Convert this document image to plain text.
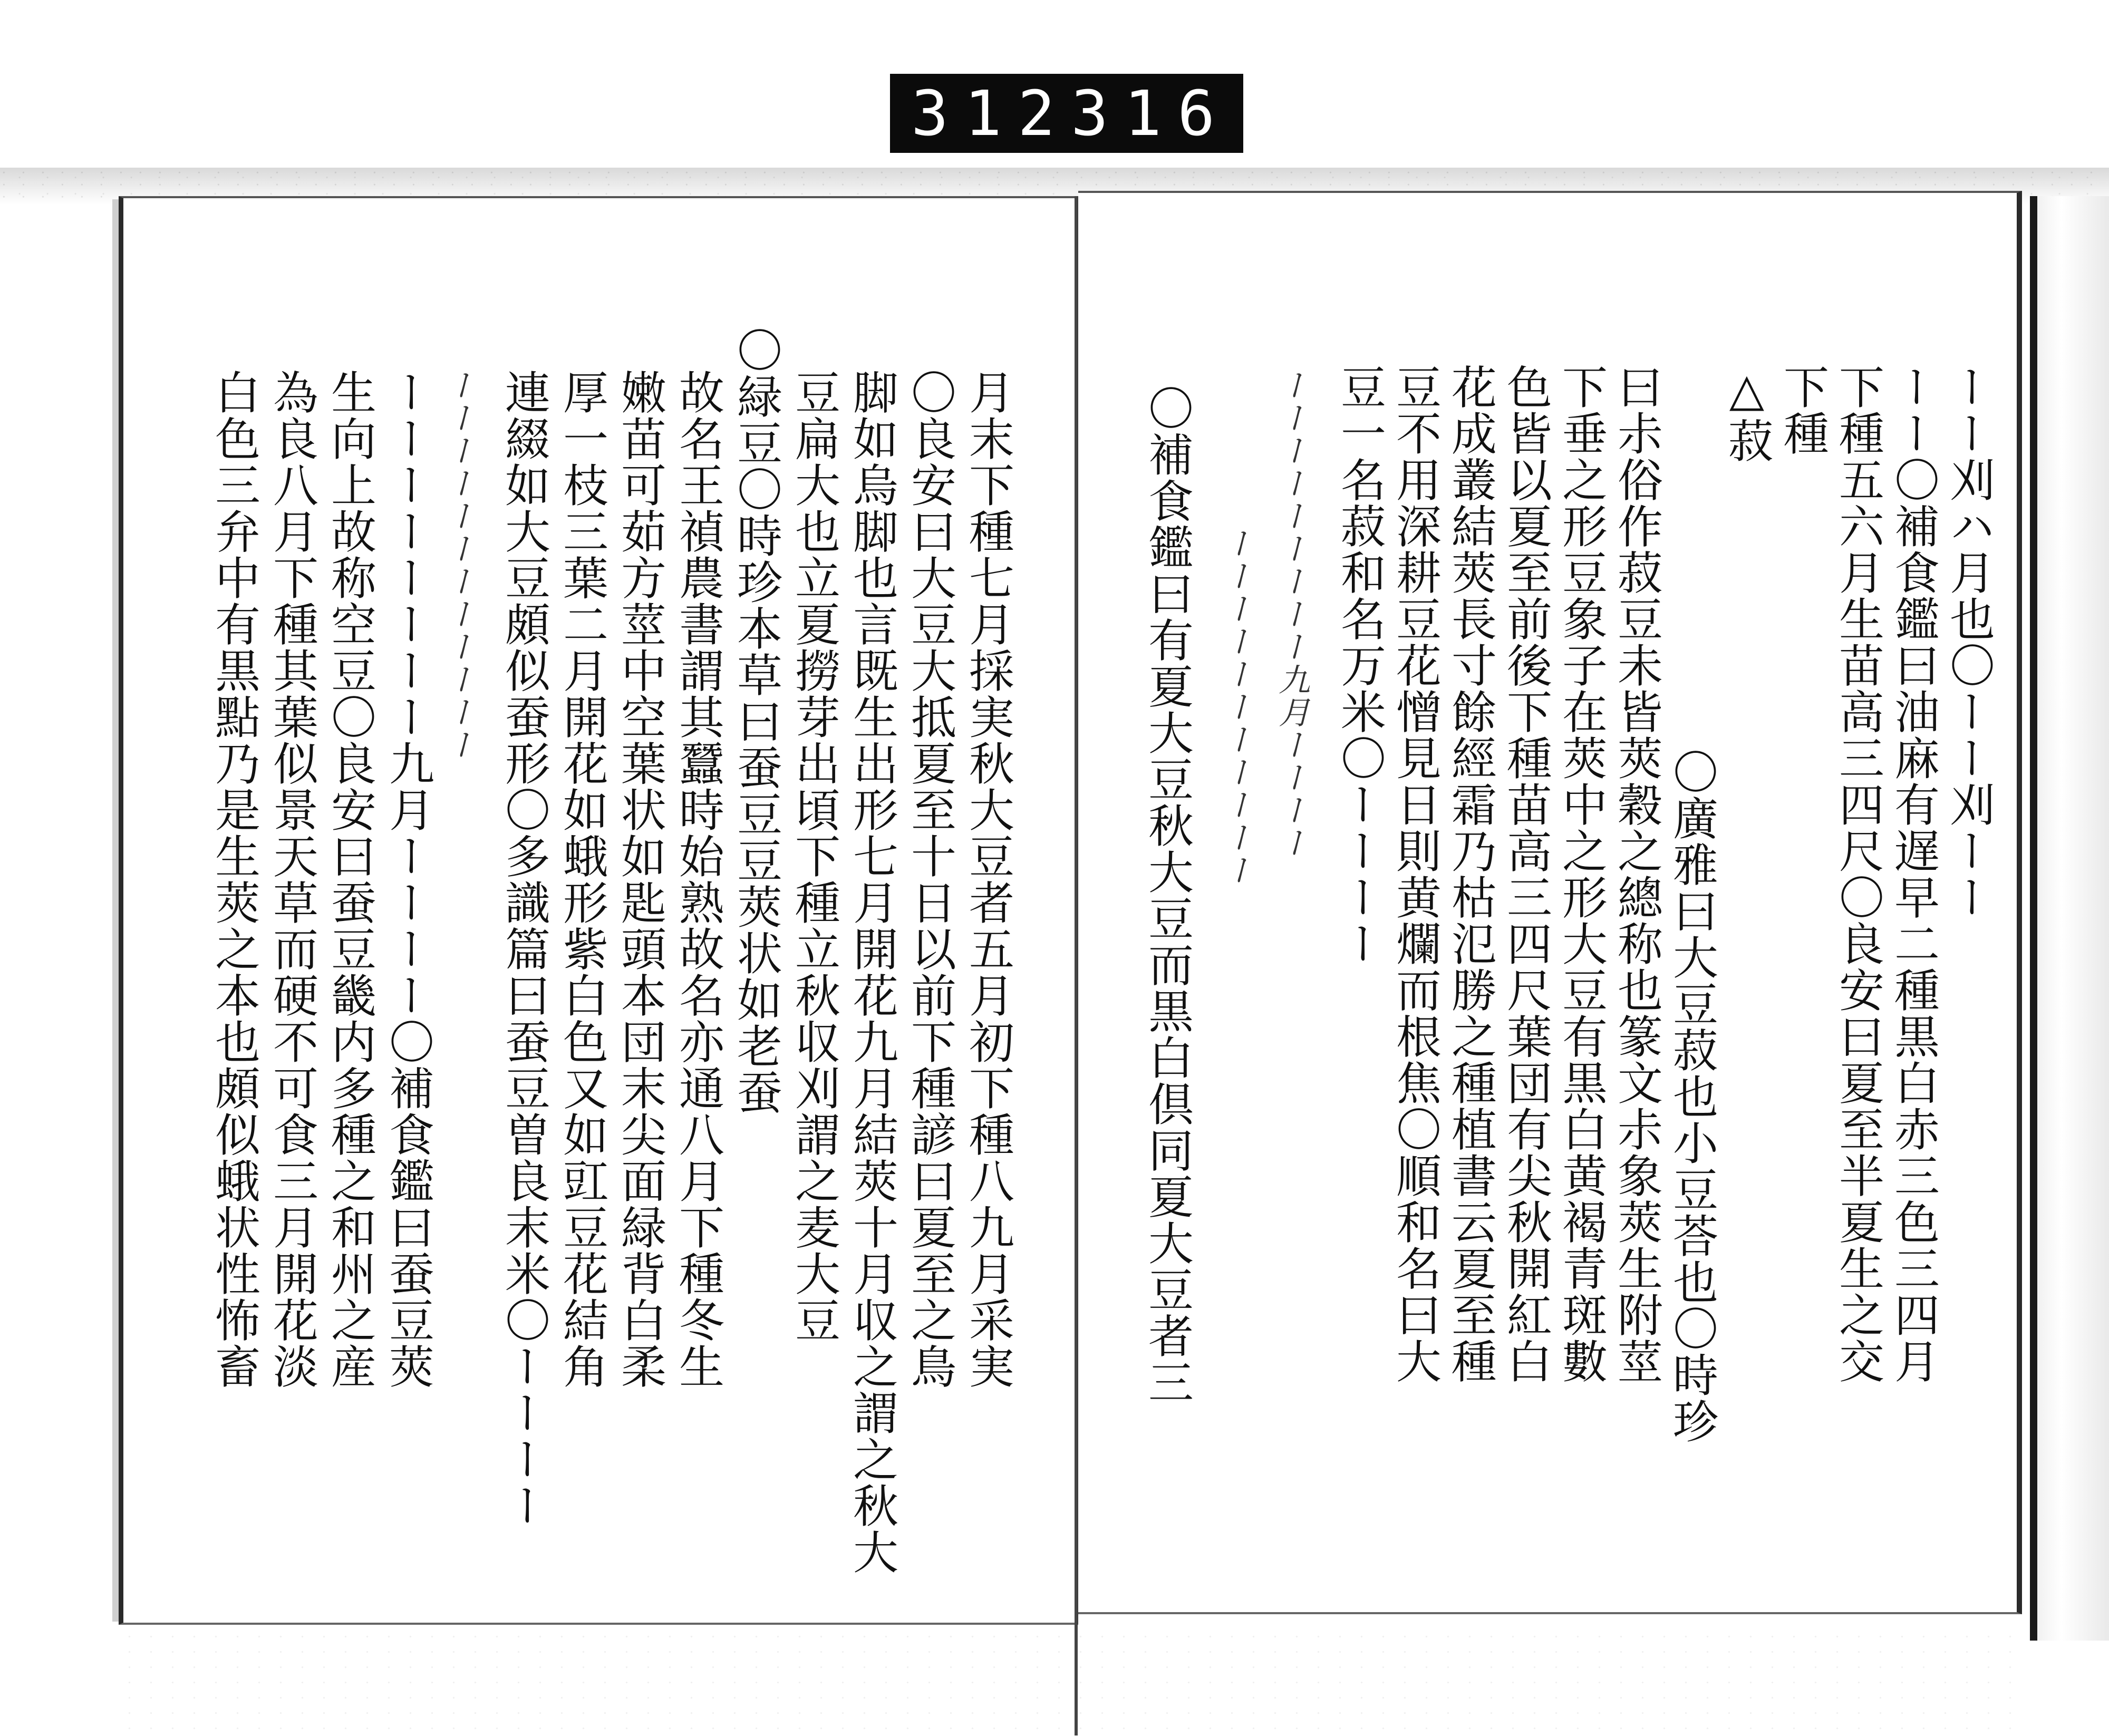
312 316.
ーー刈ハ月也〇ーー刈ーー
ーー〇補食鑑曰油麻有遅早二種黒白赤三色三四月
下種五六月生苗高三四尺〇良安曰夏至半夏生之交
下種
△菽
〇廣雅曰大豆菽也小豆荅也〇時珍
曰尗俗作菽豆未皆莢穀之總称也篆文尗象莢生附莖
下垂之形豆象子在莢中之形大豆有黒白黄褐青斑數
色皆以夏至前後下種苗高三四尺葉団有尖秋開紅白
花成叢結莢長寸餘經霜乃枯氾勝之種植書云夏至種
豆不用深耕豆花憎見日則黄爛而根焦〇順和名曰大
豆一名菽和名万米〇ーーーー
ーーーーーーーーー九月ーーーー
ーーーーーーーーーーー
〇補食鑑曰有夏大豆秋大豆而黒白倶同夏大豆者三
月末下種七月採実秋大豆者五月初下種八九月采実
〇良安曰大豆大抵夏至十日以前下種諺曰夏至之鳥
脚如烏脚也言既生出形七月開花九月結莢十月収之謂之秋大
豆扁大也立夏撈芽出頃下種立秋収刈謂之麦大豆
〇緑豆〇時珍本草曰蚕豆豆莢状如老蚕
故名王禎農書謂其蠶時始熟故名亦通八月下種冬生
嫩苗可茹方莖中空葉状如匙頭本団末尖面緑背白柔
厚一枝三葉二月開花如蛾形紫白色又如豇豆花結角
連綴如大豆頗似蚕形〇多識篇曰蚕豆曽良末米〇ーーーー
ーーーーーーーーーーーー
ーーーーーーーー九月ーーーー〇補食鑑曰蚕豆莢
生向上故称空豆〇良安曰蚕豆畿内多種之和州之産
為良八月下種其葉似景天草而硬不可食三月開花淡
白色三弁中有黒點乃是生莢之本也頗似蛾状性怖畜
